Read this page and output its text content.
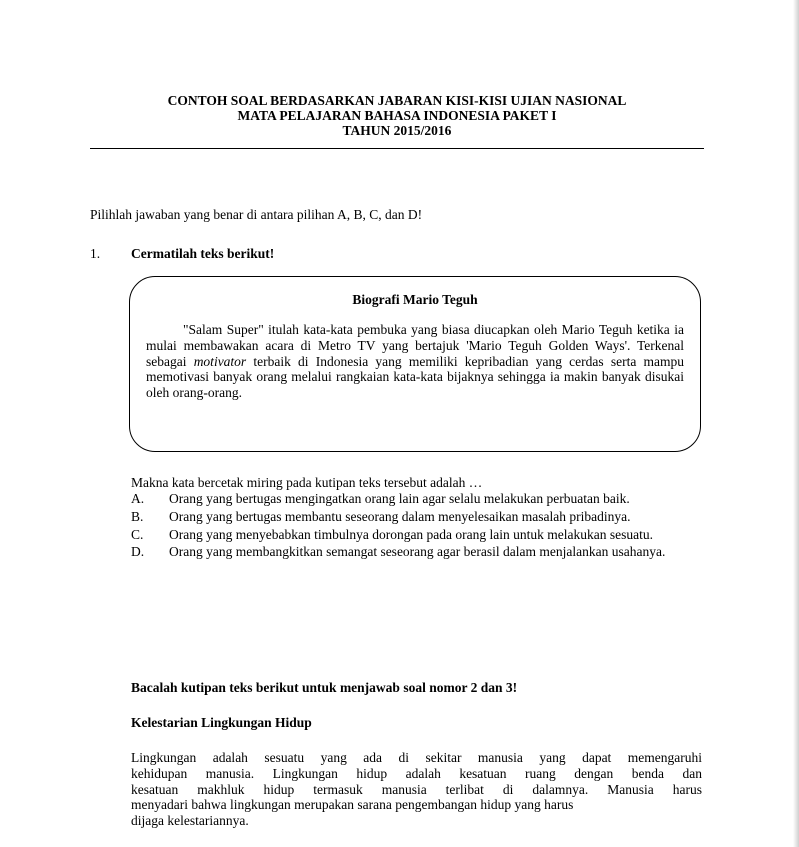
CONTOH SOAL BERDASARKAN JABARAN KISI-KISI UJIAN NASIONAL
MATA PELAJARAN BAHASA INDONESIA PAKET I
TAHUN 2015/2016
Pilihlah jawaban yang benar di antara pilihan A, B, C, dan D!
1. Cermatilah teks berikut!
Biografi Mario Teguh
"Salam Super" itulah kata-kata pembuka yang biasa diucapkan oleh Mario Teguh ketika ia mulai membawakan acara di Metro TV yang bertajuk 'Mario Teguh Golden Ways'. Terkenal sebagai motivator terbaik di Indonesia yang memiliki kepribadian yang cerdas serta mampu memotivasi banyak orang melalui rangkaian kata-kata bijaknya sehingga ia makin banyak disukai oleh orang-orang.
Makna kata bercetak miring pada kutipan teks tersebut adalah …
A.	Orang yang bertugas mengingatkan orang lain agar selalu melakukan perbuatan baik.
B.	Orang yang bertugas membantu seseorang dalam menyelesaikan masalah pribadinya.
C.	Orang yang menyebabkan timbulnya dorongan pada orang lain untuk melakukan sesuatu.
D.	Orang yang membangkitkan semangat seseorang agar berasil dalam menjalankan usahanya.
Bacalah kutipan teks berikut untuk menjawab soal nomor 2 dan 3!
Kelestarian Lingkungan Hidup
Lingkungan adalah sesuatu yang ada di sekitar manusia yang dapat memengaruhi
kehidupan manusia. Lingkungan hidup adalah kesatuan ruang dengan benda dan
kesatuan makhluk hidup termasuk manusia terlibat di dalamnya. Manusia harus
menyadari bahwa lingkungan merupakan sarana pengembangan hidup yang harus
dijaga kelestariannya.
